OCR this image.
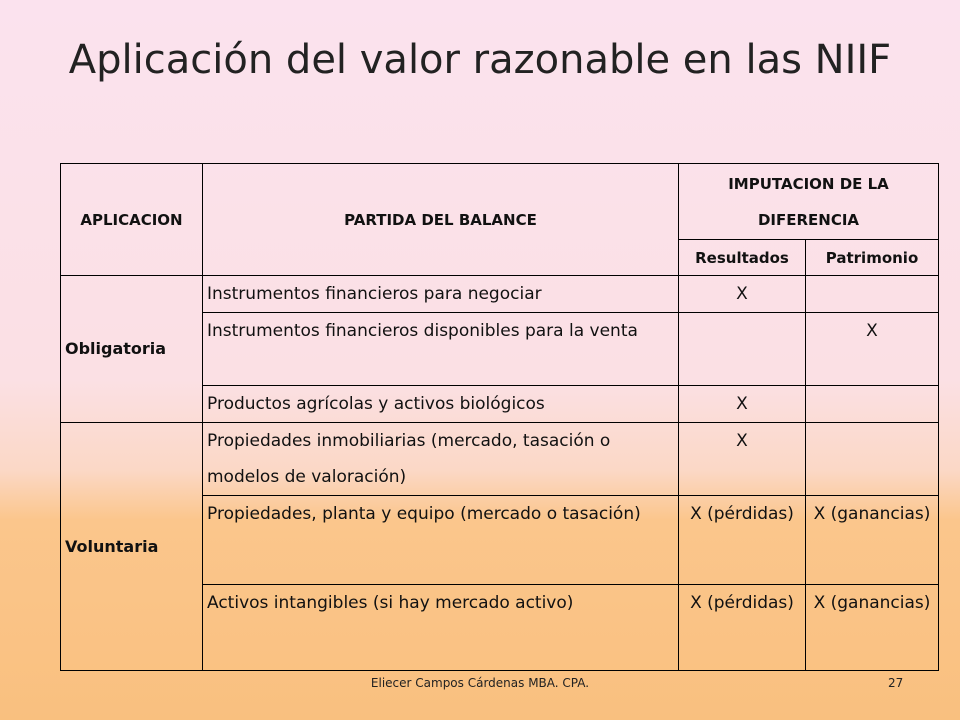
Aplicación del valor razonable en las NIIF
APLICACION	PARTIDA DEL BALANCE	IMPUTACION DE LA DIFERENCIA	
		Resultados	Patrimonio
Obligatoria	Instrumentos financieros para negociar	X	
	Instrumentos financieros disponibles para la venta		X
	Productos agrícolas y activos biológicos	X	
Voluntaria	Propiedades inmobiliarias (mercado, tasación o modelos de valoración)	X	
	Propiedades, planta y equipo (mercado o tasación)	X (pérdidas)	X (ganancias)
	Activos intangibles (si hay mercado activo)	X (pérdidas)	X (ganancias)
Eliecer Campos Cárdenas MBA. CPA.	27
